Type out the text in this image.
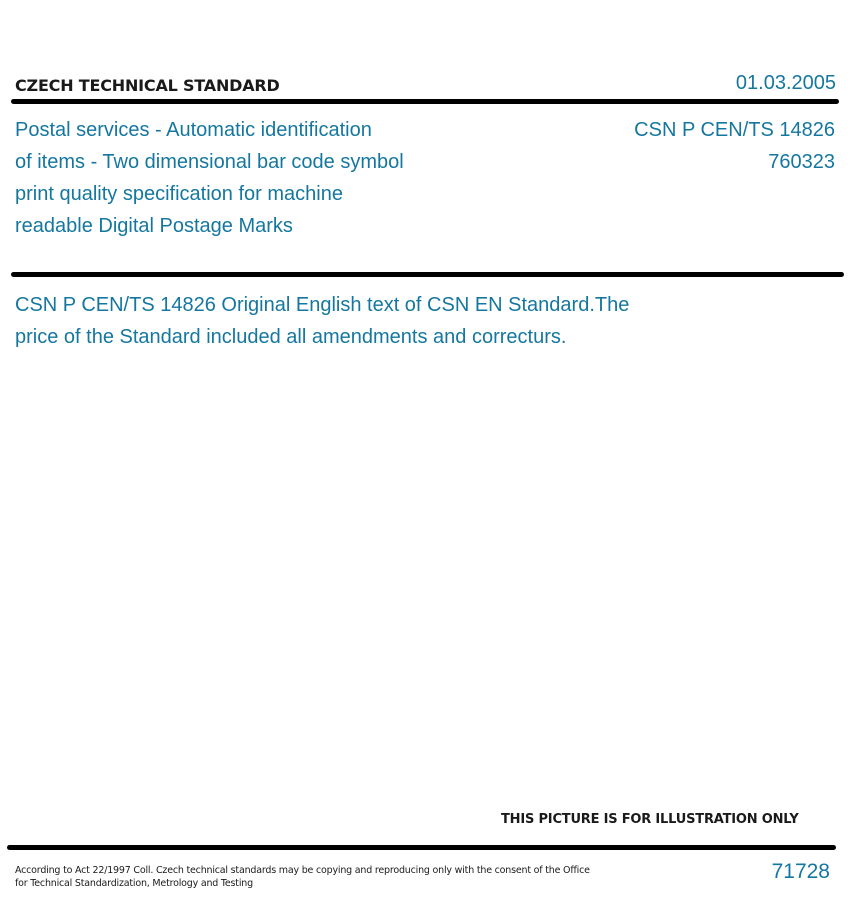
CZECH TECHNICAL STANDARD	01.03.2005
Postal services - Automatic identification
of items - Two dimensional bar code symbol
print quality specification for machine
readable Digital Postage Marks
CSN P CEN/TS 14826
760323
CSN P CEN/TS 14826 Original English text of CSN EN Standard.The
price of the Standard included all amendments and correcturs.
THIS PICTURE IS FOR ILLUSTRATION ONLY
According to Act 22/1997 Coll. Czech technical standards may be copying and reproducing only with the consent of the Office
for Technical Standardization, Metrology and Testing
71728
